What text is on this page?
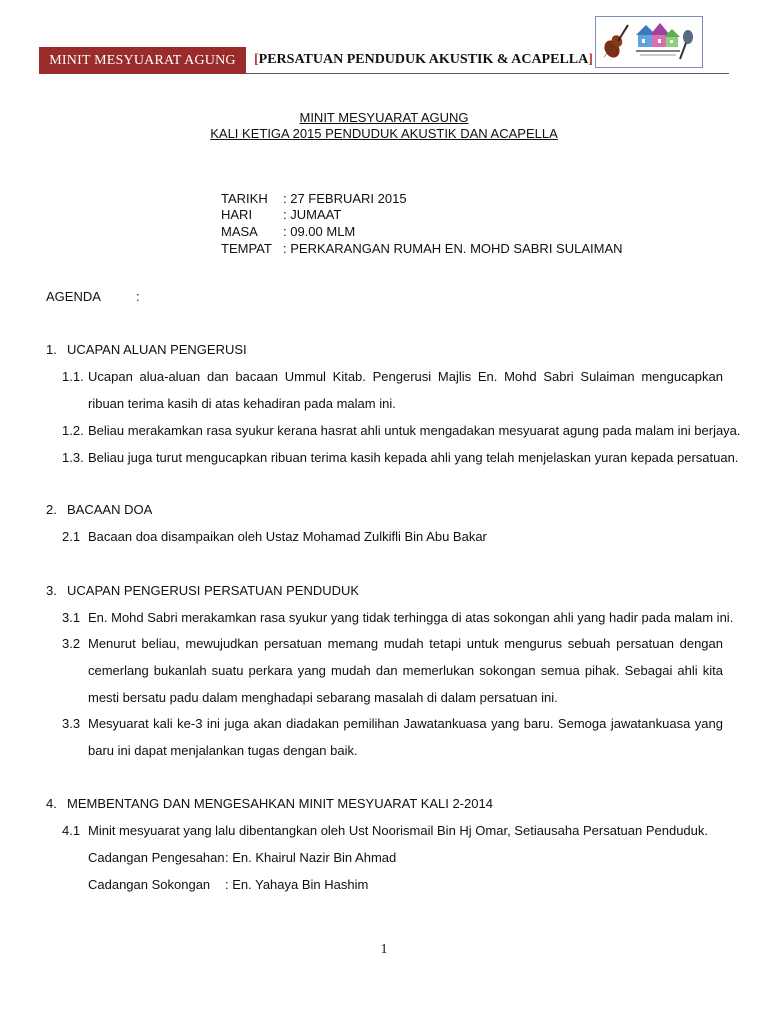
MINIT MESYUARAT AGUNG	[PERSATUAN PENDUDUK AKUSTIK & ACAPELLA]
MINIT MESYUARAT AGUNG
KALI KETIGA 2015 PENDUDUK AKUSTIK DAN ACAPELLA
TARIKH : 27 FEBRUARI 2015
HARI : JUMAAT
MASA : 09.00 MLM
TEMPAT : PERKARANGAN RUMAH EN. MOHD SABRI SULAIMAN
AGENDA	:
1. UCAPAN ALUAN PENGERUSI
1.1. Ucapan alua-aluan dan bacaan Ummul Kitab. Pengerusi Majlis En. Mohd Sabri Sulaiman mengucapkan ribuan terima kasih di atas kehadiran pada malam ini.
1.2. Beliau merakamkan rasa syukur kerana hasrat ahli untuk mengadakan mesyuarat agung pada malam ini berjaya.
1.3. Beliau juga turut mengucapkan ribuan terima kasih kepada ahli yang telah menjelaskan yuran kepada persatuan.
2. BACAAN DOA
2.1 Bacaan doa disampaikan oleh Ustaz Mohamad Zulkifli Bin Abu Bakar
3. UCAPAN PENGERUSI PERSATUAN PENDUDUK
3.1 En. Mohd Sabri merakamkan rasa syukur yang tidak terhingga di atas sokongan ahli yang hadir pada malam ini.
3.2 Menurut beliau, mewujudkan persatuan memang mudah tetapi untuk mengurus sebuah persatuan dengan cemerlang bukanlah suatu perkara yang mudah dan memerlukan sokongan semua pihak. Sebagai ahli kita mesti bersatu padu dalam menghadapi sebarang masalah di dalam persatuan ini.
3.3 Mesyuarat kali ke-3 ini juga akan diadakan pemilihan Jawatankuasa yang baru. Semoga jawatankuasa yang baru ini dapat menjalankan tugas dengan baik.
4. MEMBENTANG DAN MENGESAHKAN MINIT MESYUARAT KALI 2-2014
4.1 Minit mesyuarat yang lalu dibentangkan oleh Ust Noorismail Bin Hj Omar, Setiausaha Persatuan Penduduk.
Cadangan Pengesahan: En. Khairul Nazir Bin Ahmad
Cadangan Sokongan : En. Yahaya Bin Hashim
1
